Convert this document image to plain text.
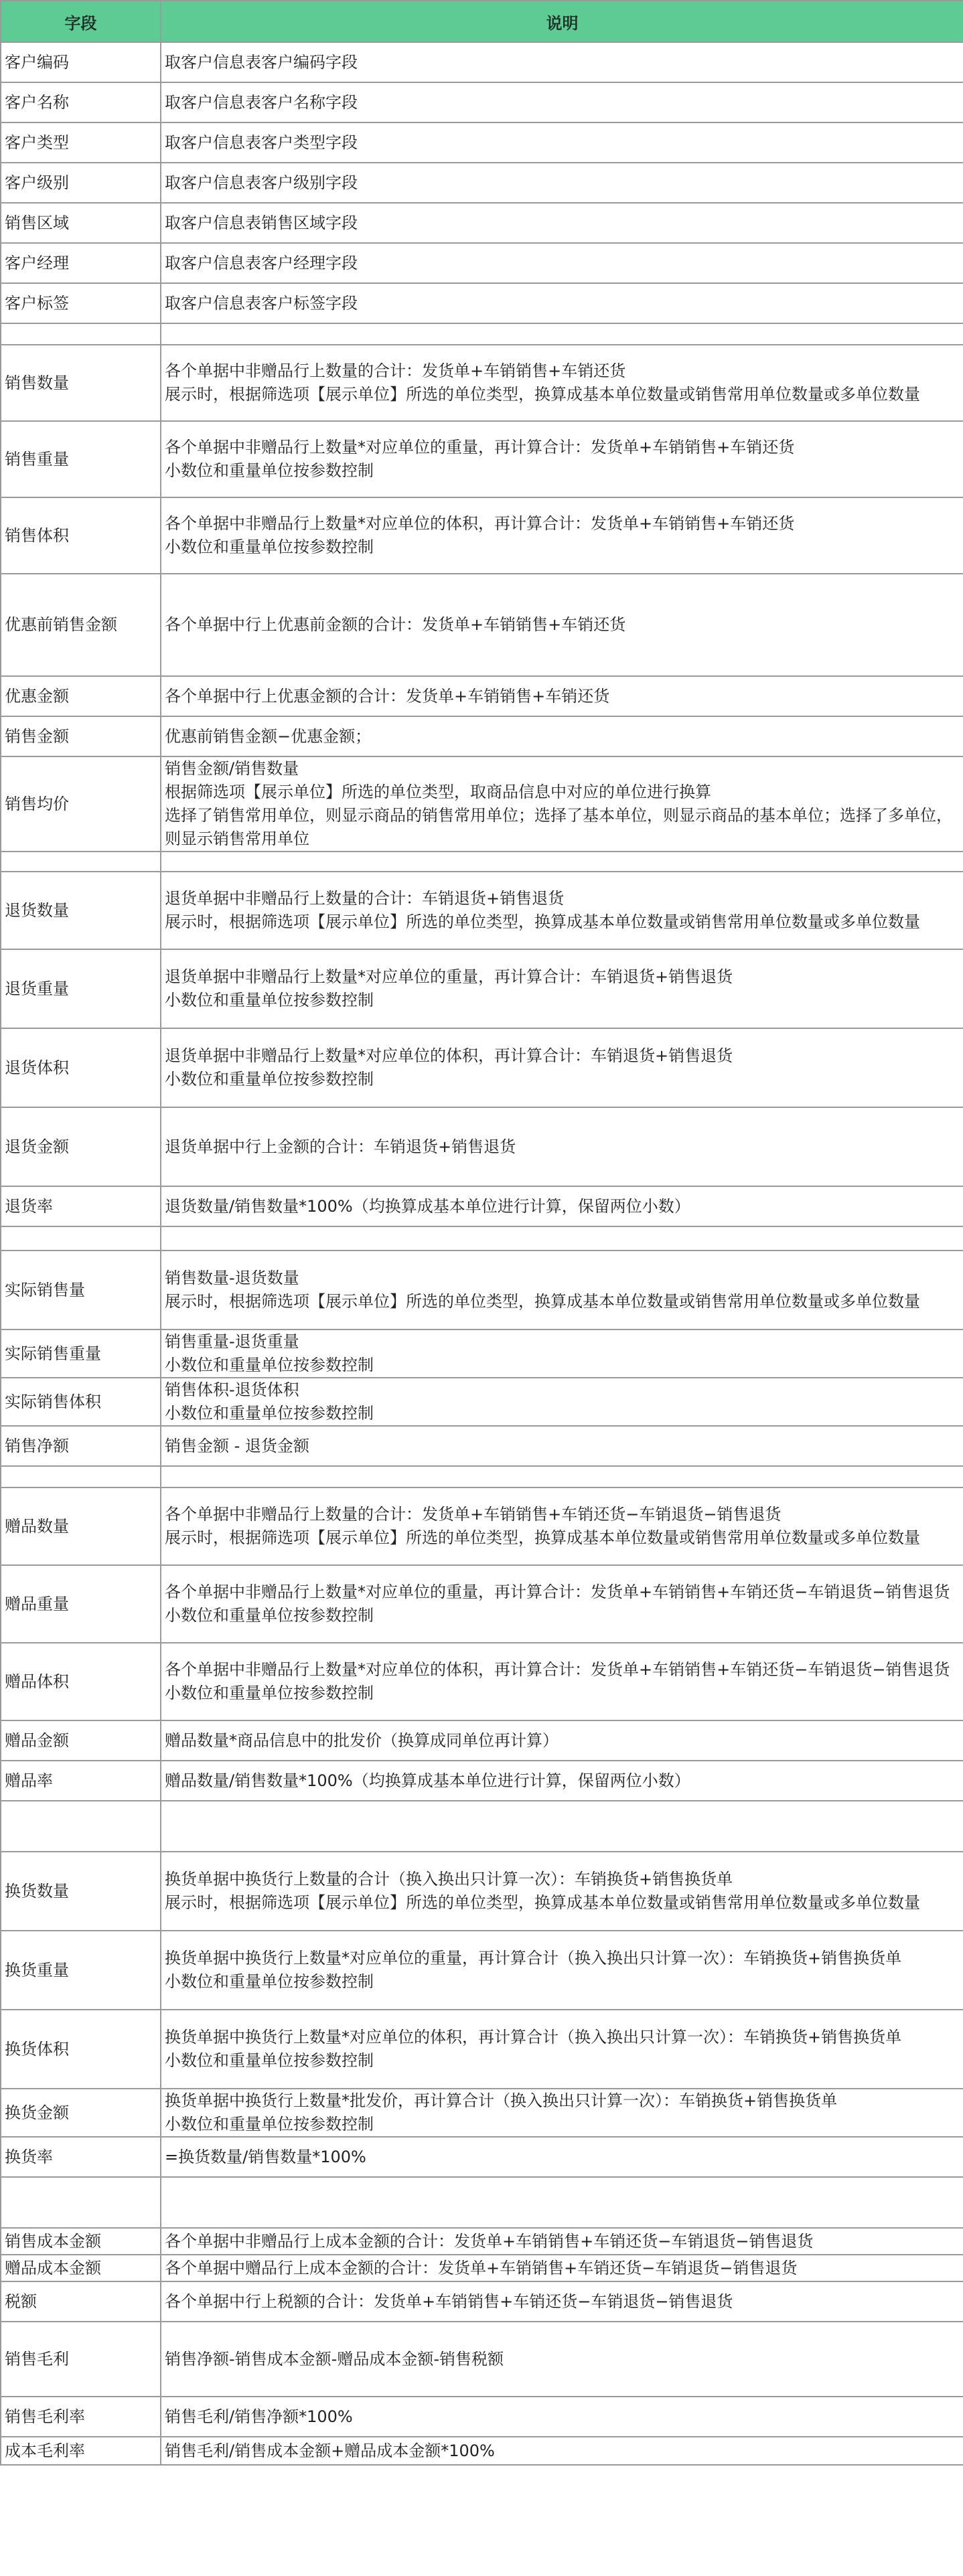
字段	说明
客户编码	取客户信息表客户编码字段
客户名称	取客户信息表客户名称字段
客户类型	取客户信息表客户类型字段
客户级别	取客户信息表客户级别字段
销售区域	取客户信息表销售区域字段
客户经理	取客户信息表客户经理字段
客户标签	取客户信息表客户标签字段

销售数量	各个单据中非赠品行上数量的合计：发货单+车销销售+车销还货
展示时，根据筛选项【展示单位】所选的单位类型，换算成基本单位数量或销售常用单位数量或多单位数量
销售重量	各个单据中非赠品行上数量*对应单位的重量，再计算合计：发货单+车销销售+车销还货
小数位和重量单位按参数控制
销售体积	各个单据中非赠品行上数量*对应单位的体积，再计算合计：发货单+车销销售+车销还货
小数位和重量单位按参数控制
优惠前销售金额	各个单据中行上优惠前金额的合计：发货单+车销销售+车销还货
优惠金额	各个单据中行上优惠金额的合计：发货单+车销销售+车销还货
销售金额	优惠前销售金额−优惠金额；
销售均价	销售金额/销售数量
根据筛选项【展示单位】所选的单位类型，取商品信息中对应的单位进行换算
选择了销售常用单位，则显示商品的销售常用单位；选择了基本单位，则显示商品的基本单位；选择了多单位，则显示销售常用单位

退货数量	退货单据中非赠品行上数量的合计：车销退货+销售退货
展示时，根据筛选项【展示单位】所选的单位类型，换算成基本单位数量或销售常用单位数量或多单位数量
退货重量	退货单据中非赠品行上数量*对应单位的重量，再计算合计：车销退货+销售退货
小数位和重量单位按参数控制
退货体积	退货单据中非赠品行上数量*对应单位的体积，再计算合计：车销退货+销售退货
小数位和重量单位按参数控制
退货金额	退货单据中行上金额的合计：车销退货+销售退货
退货率	退货数量/销售数量*100%（均换算成基本单位进行计算，保留两位小数）

实际销售量	销售数量-退货数量
展示时，根据筛选项【展示单位】所选的单位类型，换算成基本单位数量或销售常用单位数量或多单位数量
实际销售重量	销售重量-退货重量
小数位和重量单位按参数控制
实际销售体积	销售体积-退货体积
小数位和重量单位按参数控制
销售净额	销售金额 - 退货金额

赠品数量	各个单据中非赠品行上数量的合计：发货单+车销销售+车销还货−车销退货−销售退货
展示时，根据筛选项【展示单位】所选的单位类型，换算成基本单位数量或销售常用单位数量或多单位数量
赠品重量	各个单据中非赠品行上数量*对应单位的重量，再计算合计：发货单+车销销售+车销还货−车销退货−销售退货
小数位和重量单位按参数控制
赠品体积	各个单据中非赠品行上数量*对应单位的体积，再计算合计：发货单+车销销售+车销还货−车销退货−销售退货
小数位和重量单位按参数控制
赠品金额	赠品数量*商品信息中的批发价（换算成同单位再计算）
赠品率	赠品数量/销售数量*100%（均换算成基本单位进行计算，保留两位小数）

换货数量	换货单据中换货行上数量的合计（换入换出只计算一次）：车销换货+销售换货单
展示时，根据筛选项【展示单位】所选的单位类型，换算成基本单位数量或销售常用单位数量或多单位数量
换货重量	换货单据中换货行上数量*对应单位的重量，再计算合计（换入换出只计算一次）：车销换货+销售换货单
小数位和重量单位按参数控制
换货体积	换货单据中换货行上数量*对应单位的体积，再计算合计（换入换出只计算一次）：车销换货+销售换货单
小数位和重量单位按参数控制
换货金额	换货单据中换货行上数量*批发价，再计算合计（换入换出只计算一次）：车销换货+销售换货单
小数位和重量单位按参数控制
换货率	=换货数量/销售数量*100%

销售成本金额	各个单据中非赠品行上成本金额的合计：发货单+车销销售+车销还货−车销退货−销售退货
赠品成本金额	各个单据中赠品行上成本金额的合计：发货单+车销销售+车销还货−车销退货−销售退货
税额	各个单据中行上税额的合计：发货单+车销销售+车销还货−车销退货−销售退货
销售毛利	销售净额-销售成本金额-赠品成本金额-销售税额
销售毛利率	销售毛利/销售净额*100%
成本毛利率	销售毛利/销售成本金额+赠品成本金额*100%
